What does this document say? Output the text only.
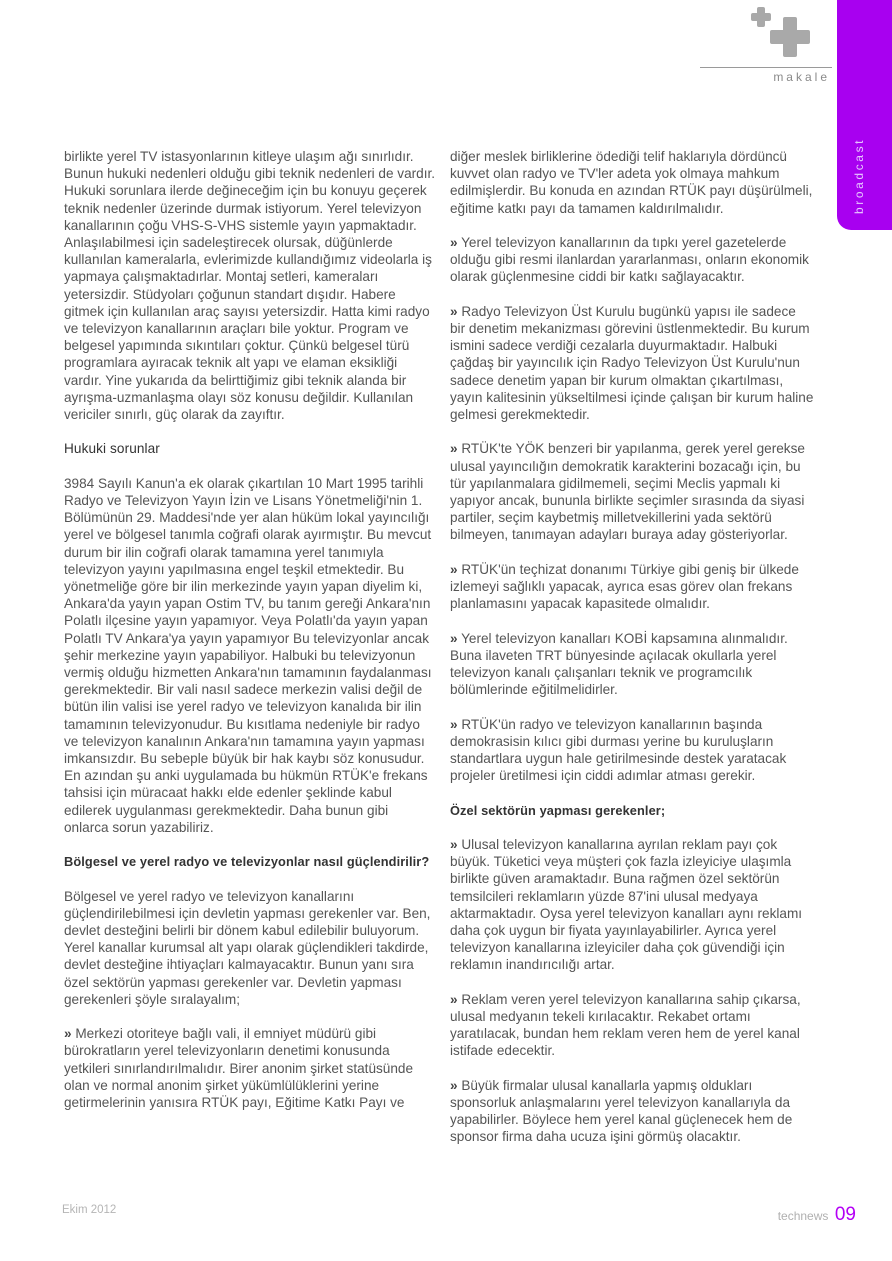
makale
broadcast

birlikte yerel TV istasyonlarının kitleye ulaşım ağı sınırlıdır. Bunun hukuki nedenleri olduğu gibi teknik nedenleri de vardır. Hukuki sorunlara ilerde değineceğim için bu konuyu geçerek teknik nedenler üzerinde durmak istiyorum. Yerel televizyon kanallarının çoğu VHS-S-VHS sistemle yayın yapmaktadır. Anlaşılabilmesi için sadeleştirecek olursak, düğünlerde kullanılan kameralarla, evlerimizde kullandığımız videolarla iş yapmaya çalışmaktadırlar. Montaj setleri, kameraları yetersizdir. Stüdyoları çoğunun standart dışıdır. Habere gitmek için kullanılan araç sayısı yetersizdir. Hatta kimi radyo ve televizyon kanallarının araçları bile yoktur. Program ve belgesel yapımında sıkıntıları çoktur. Çünkü belgesel türü programlara ayıracak teknik alt yapı ve elaman eksikliği vardır. Yine yukarıda da belirttiğimiz gibi teknik alanda bir ayrışma-uzmanlaşma olayı söz konusu değildir. Kullanılan vericiler sınırlı, güç olarak da zayıftır.

Hukuki sorunlar

3984 Sayılı Kanun'a ek olarak çıkartılan 10 Mart 1995 tarihli Radyo ve Televizyon Yayın İzin ve Lisans Yönetmeliği'nin 1. Bölümünün 29. Maddesi'nde yer alan hüküm lokal yayıncılığı yerel ve bölgesel tanımla coğrafi olarak ayırmıştır. Bu mevcut durum bir ilin coğrafi olarak tamamına yerel tanımıyla televizyon yayını yapılmasına engel teşkil etmektedir. Bu yönetmeliğe göre bir ilin merkezinde yayın yapan diyelim ki, Ankara'da yayın yapan Ostim TV, bu tanım gereği Ankara'nın Polatlı ilçesine yayın yapamıyor. Veya Polatlı'da yayın yapan Polatlı TV Ankara'ya yayın yapamıyor Bu televizyonlar ancak şehir merkezine yayın yapabiliyor. Halbuki bu televizyonun vermiş olduğu hizmetten Ankara'nın tamamının faydalanması gerekmektedir. Bir vali nasıl sadece merkezin valisi değil de bütün ilin valisi ise yerel radyo ve televizyon kanalıda bir ilin tamamının televizyonudur. Bu kısıtlama nedeniyle bir radyo ve televizyon kanalının Ankara'nın tamamına yayın yapması imkansızdır. Bu sebeple büyük bir hak kaybı söz konusudur. En azından şu anki uygulamada bu hükmün RTÜK'e frekans tahsisi için müracaat hakkı elde edenler şeklinde kabul edilerek uygulanması gerekmektedir. Daha bunun gibi onlarca sorun yazabiliriz.

Bölgesel ve yerel radyo ve televizyonlar nasıl güçlendirilir?

Bölgesel ve yerel radyo ve televizyon kanallarını güçlendirilebilmesi için devletin yapması gerekenler var. Ben, devlet desteğini belirli bir dönem kabul edilebilir buluyorum. Yerel kanallar kurumsal alt yapı olarak güçlendikleri takdirde, devlet desteğine ihtiyaçları kalmayacaktır. Bunun yanı sıra özel sektörün yapması gerekenler var. Devletin yapması gerekenleri şöyle sıralayalım;

» Merkezi otoriteye bağlı vali, il emniyet müdürü gibi bürokratların yerel televizyonların denetimi konusunda yetkileri sınırlandırılmalıdır. Birer anonim şirket statüsünde olan ve normal anonim şirket yükümlülüklerini yerine getirmelerinin yanısıra RTÜK payı, Eğitime Katkı Payı ve

diğer meslek birliklerine ödediği telif haklarıyla dördüncü kuvvet olan radyo ve TV'ler adeta yok olmaya mahkum edilmişlerdir. Bu konuda en azından RTÜK payı düşürülmeli, eğitime katkı payı da tamamen kaldırılmalıdır.

» Yerel televizyon kanallarının da tıpkı yerel gazetelerde olduğu gibi resmi ilanlardan yararlanması, onların ekonomik olarak güçlenmesine ciddi bir katkı sağlayacaktır.

» Radyo Televizyon Üst Kurulu bugünkü yapısı ile sadece bir denetim mekanizması görevini üstlenmektedir. Bu kurum ismini sadece verdiği cezalarla duyurmaktadır. Halbuki çağdaş bir yayıncılık için Radyo Televizyon Üst Kurulu'nun sadece denetim yapan bir kurum olmaktan çıkartılması, yayın kalitesinin yükseltilmesi içinde çalışan bir kurum haline gelmesi gerekmektedir.

» RTÜK'te YÖK benzeri bir yapılanma, gerek yerel gerekse ulusal yayıncılığın demokratik karakterini bozacağı için, bu tür yapılanmalara gidilmemeli, seçimi Meclis yapmalı ki yapıyor ancak, bununla birlikte seçimler sırasında da siyasi partiler, seçim kaybetmiş milletvekillerini yada sektörü bilmeyen, tanımayan adayları buraya aday gösteriyorlar.

» RTÜK'ün teçhizat donanımı Türkiye gibi geniş bir ülkede izlemeyi sağlıklı yapacak, ayrıca esas görev olan frekans planlamasını yapacak kapasitede olmalıdır.

» Yerel televizyon kanalları KOBİ kapsamına alınmalıdır. Buna ilaveten TRT bünyesinde açılacak okullarla yerel televizyon kanalı çalışanları teknik ve programcılık bölümlerinde eğitilmelidirler.

» RTÜK'ün radyo ve televizyon kanallarının başında demokrasisin kılıcı gibi durması yerine bu kuruluşların standartlara uygun hale getirilmesinde destek yaratacak projeler üretilmesi için ciddi adımlar atması gerekir.

Özel sektörün yapması gerekenler;

» Ulusal televizyon kanallarına ayrılan reklam payı çok büyük. Tüketici veya müşteri çok fazla izleyiciye ulaşımla birlikte güven aramaktadır. Buna rağmen özel sektörün temsilcileri reklamların yüzde 87'ini ulusal medyaya aktarmaktadır. Oysa yerel televizyon kanalları aynı reklamı daha çok uygun bir fiyata yayınlayabilirler. Ayrıca yerel televizyon kanallarına izleyiciler daha çok güvendiği için reklamın inandırıcılığı artar.

» Reklam veren yerel televizyon kanallarına sahip çıkarsa, ulusal medyanın tekeli kırılacaktır. Rekabet ortamı yaratılacak, bundan hem reklam veren hem de yerel kanal istifade edecektir.

» Büyük firmalar ulusal kanallarla yapmış oldukları sponsorluk anlaşmalarını yerel televizyon kanallarıyla da yapabilirler. Böylece hem yerel kanal güçlenecek hem de sponsor firma daha ucuza işini görmüş olacaktır.

Ekim 2012	technews 09
